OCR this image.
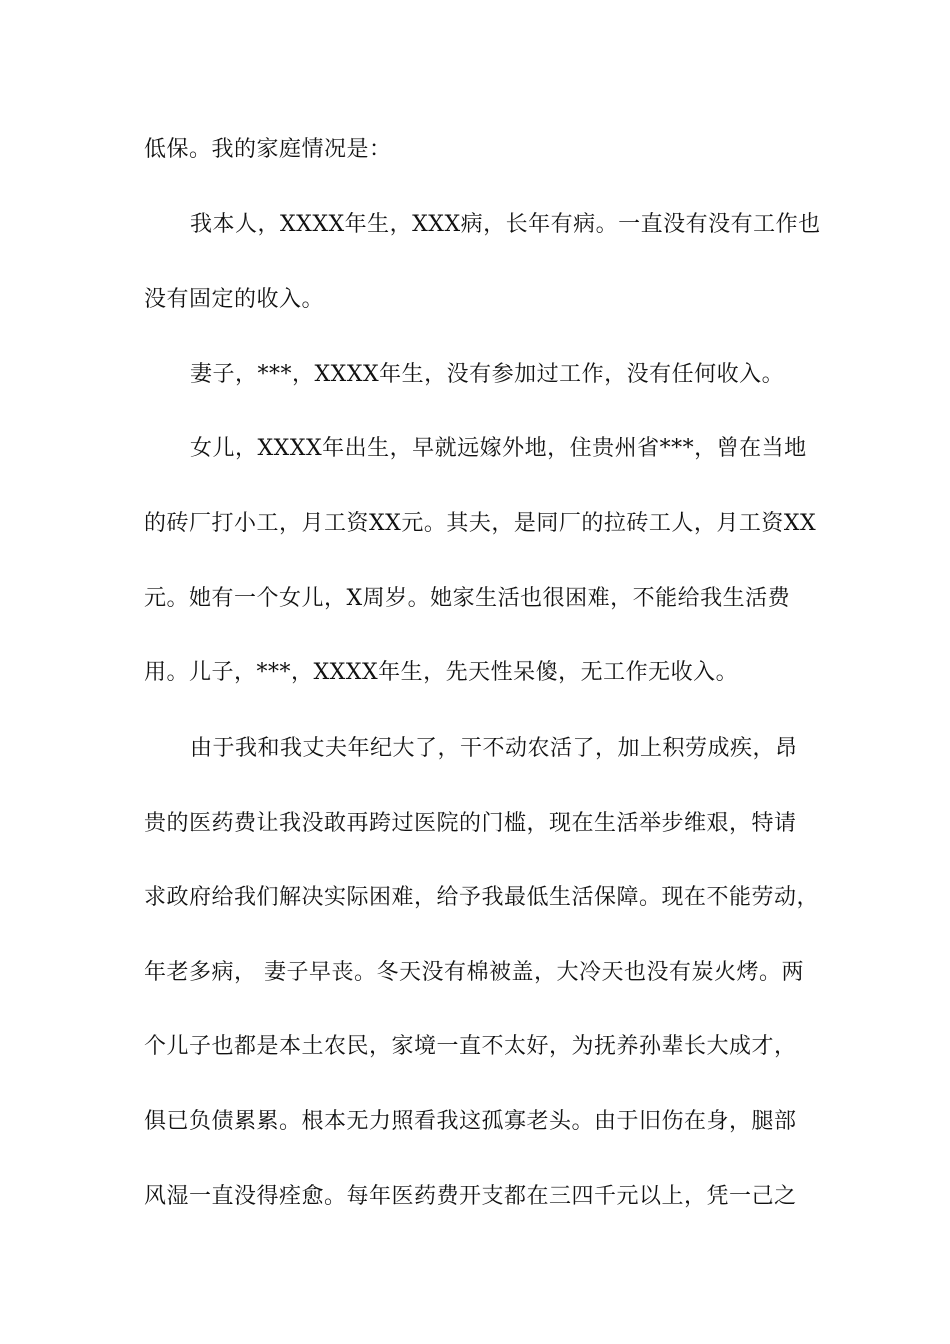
低保。我的家庭情况是：
我本人，XXXX年生，XXX病，长年有病。一直没有没有工作也
没有固定的收入。
妻子，***，XXXX年生，没有参加过工作，没有任何收入。
女儿，XXXX年出生，早就远嫁外地，住贵州省***，曾在当地
的砖厂打小工，月工资XX元。其夫，是同厂的拉砖工人，月工资XX
元。她有一个女儿，X周岁。她家生活也很困难，不能给我生活费
用。儿子，***，XXXX年生，先天性呆傻，无工作无收入。
由于我和我丈夫年纪大了，干不动农活了，加上积劳成疾，昂
贵的医药费让我没敢再跨过医院的门槛，现在生活举步维艰，特请
求政府给我们解决实际困难，给予我最低生活保障。现在不能劳动，
年老多病， 妻子早丧。冬天没有棉被盖，大冷天也没有炭火烤。两
个儿子也都是本土农民，家境一直不太好，为抚养孙辈长大成才，
俱已负债累累。根本无力照看我这孤寡老头。由于旧伤在身，腿部
风湿一直没得痊愈。每年医药费开支都在三四千元以上，凭一己之
